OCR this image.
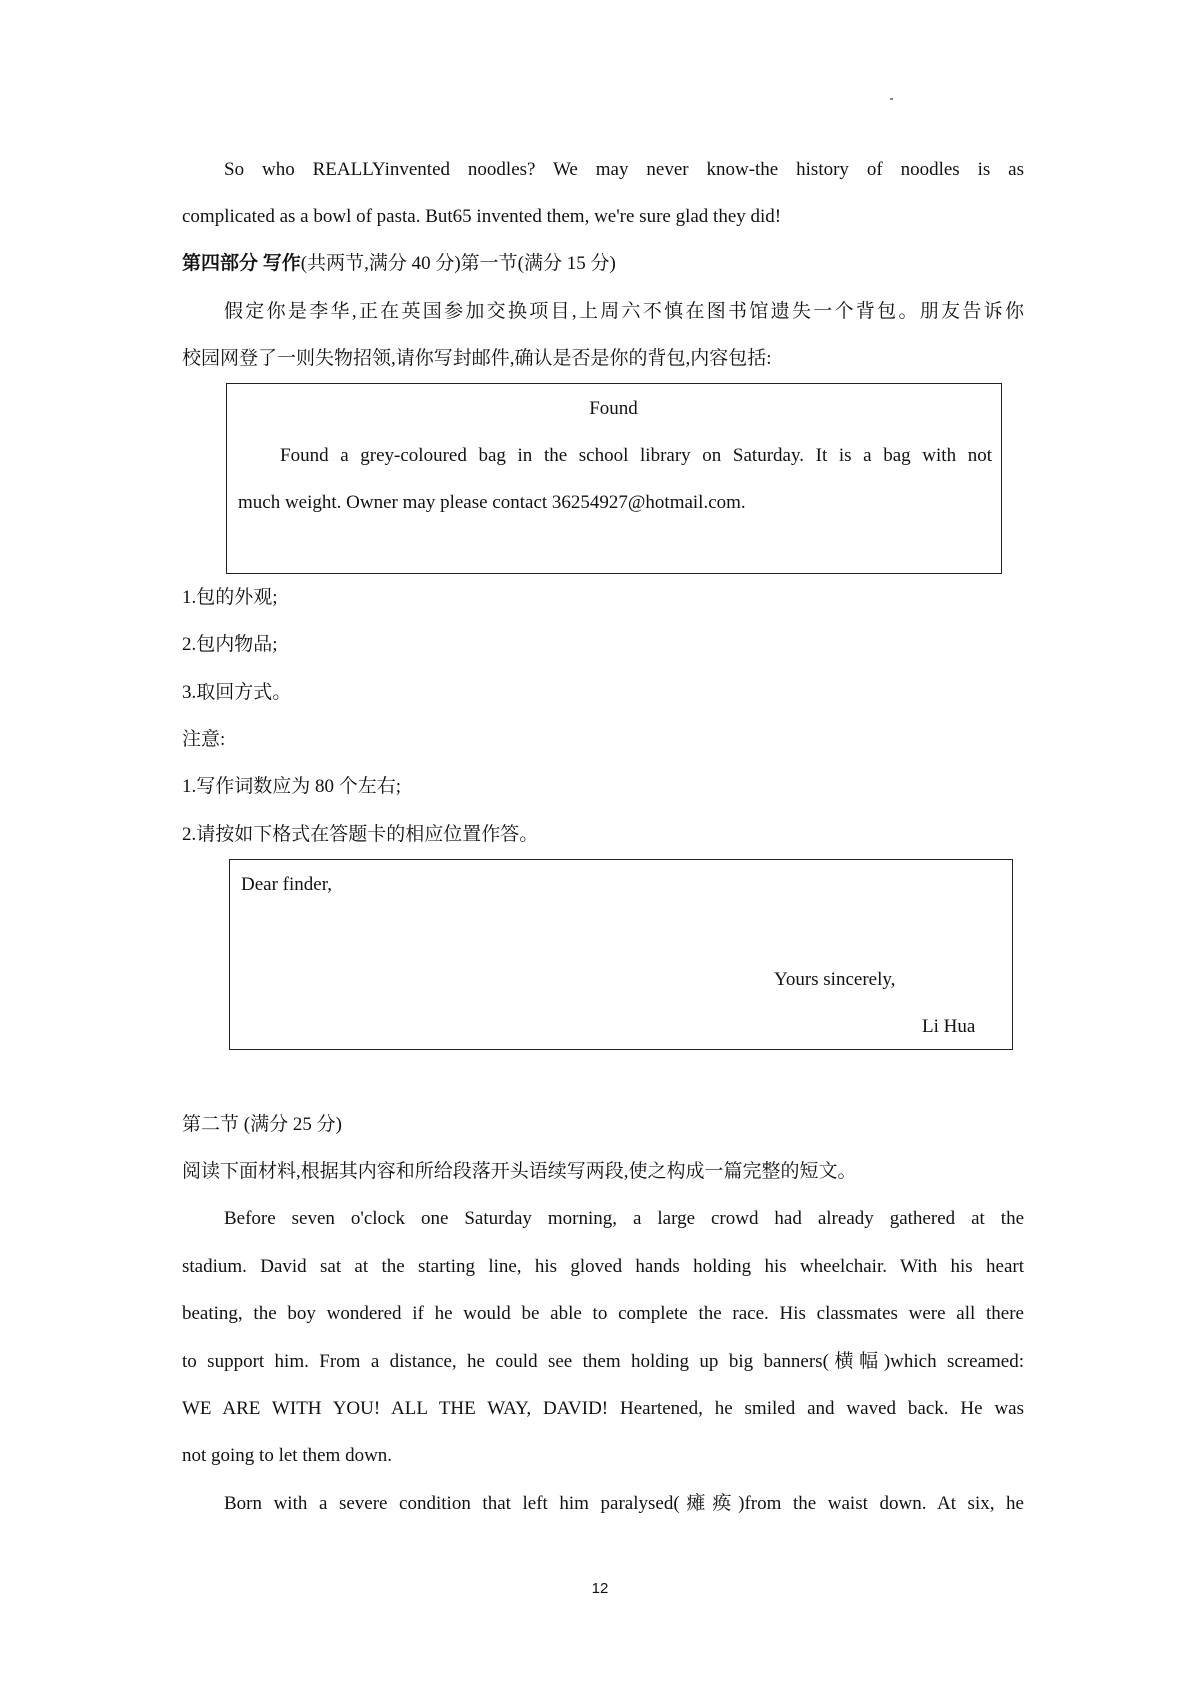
So who REALLYinvented noodles? We may never know-the history of noodles is as
complicated as a bowl of pasta. But65 invented them, we're sure glad they did!
第四部分 写作(共两节,满分 40 分)第一节(满分 15 分)
假定你是李华,正在英国参加交换项目,上周六不慎在图书馆遗失一个背包。朋友告诉你
校园网登了一则失物招领,请你写封邮件,确认是否是你的背包,内容包括:
Found
Found a grey-coloured bag in the school library on Saturday. It is a bag with not
much weight. Owner may please contact 36254927@hotmail.com.
1.包的外观;
2.包内物品;
3.取回方式。
注意:
1.写作词数应为 80 个左右;
2.请按如下格式在答题卡的相应位置作答。
Dear finder,
Yours sincerely,
Li Hua
第二节 (满分 25 分)
阅读下面材料,根据其内容和所给段落开头语续写两段,使之构成一篇完整的短文。
Before seven o'clock one Saturday morning, a large crowd had already gathered at the
stadium. David sat at the starting line, his gloved hands holding his wheelchair. With his heart
beating, the boy wondered if he would be able to complete the race. His classmates were all there
to support him. From a distance, he could see them holding up big banners(横幅)which screamed:
WE ARE WITH YOU! ALL THE WAY, DAVID! Heartened, he smiled and waved back. He was
not going to let them down.
Born with a severe condition that left him paralysed(瘫痪)from the waist down. At six, he
12
